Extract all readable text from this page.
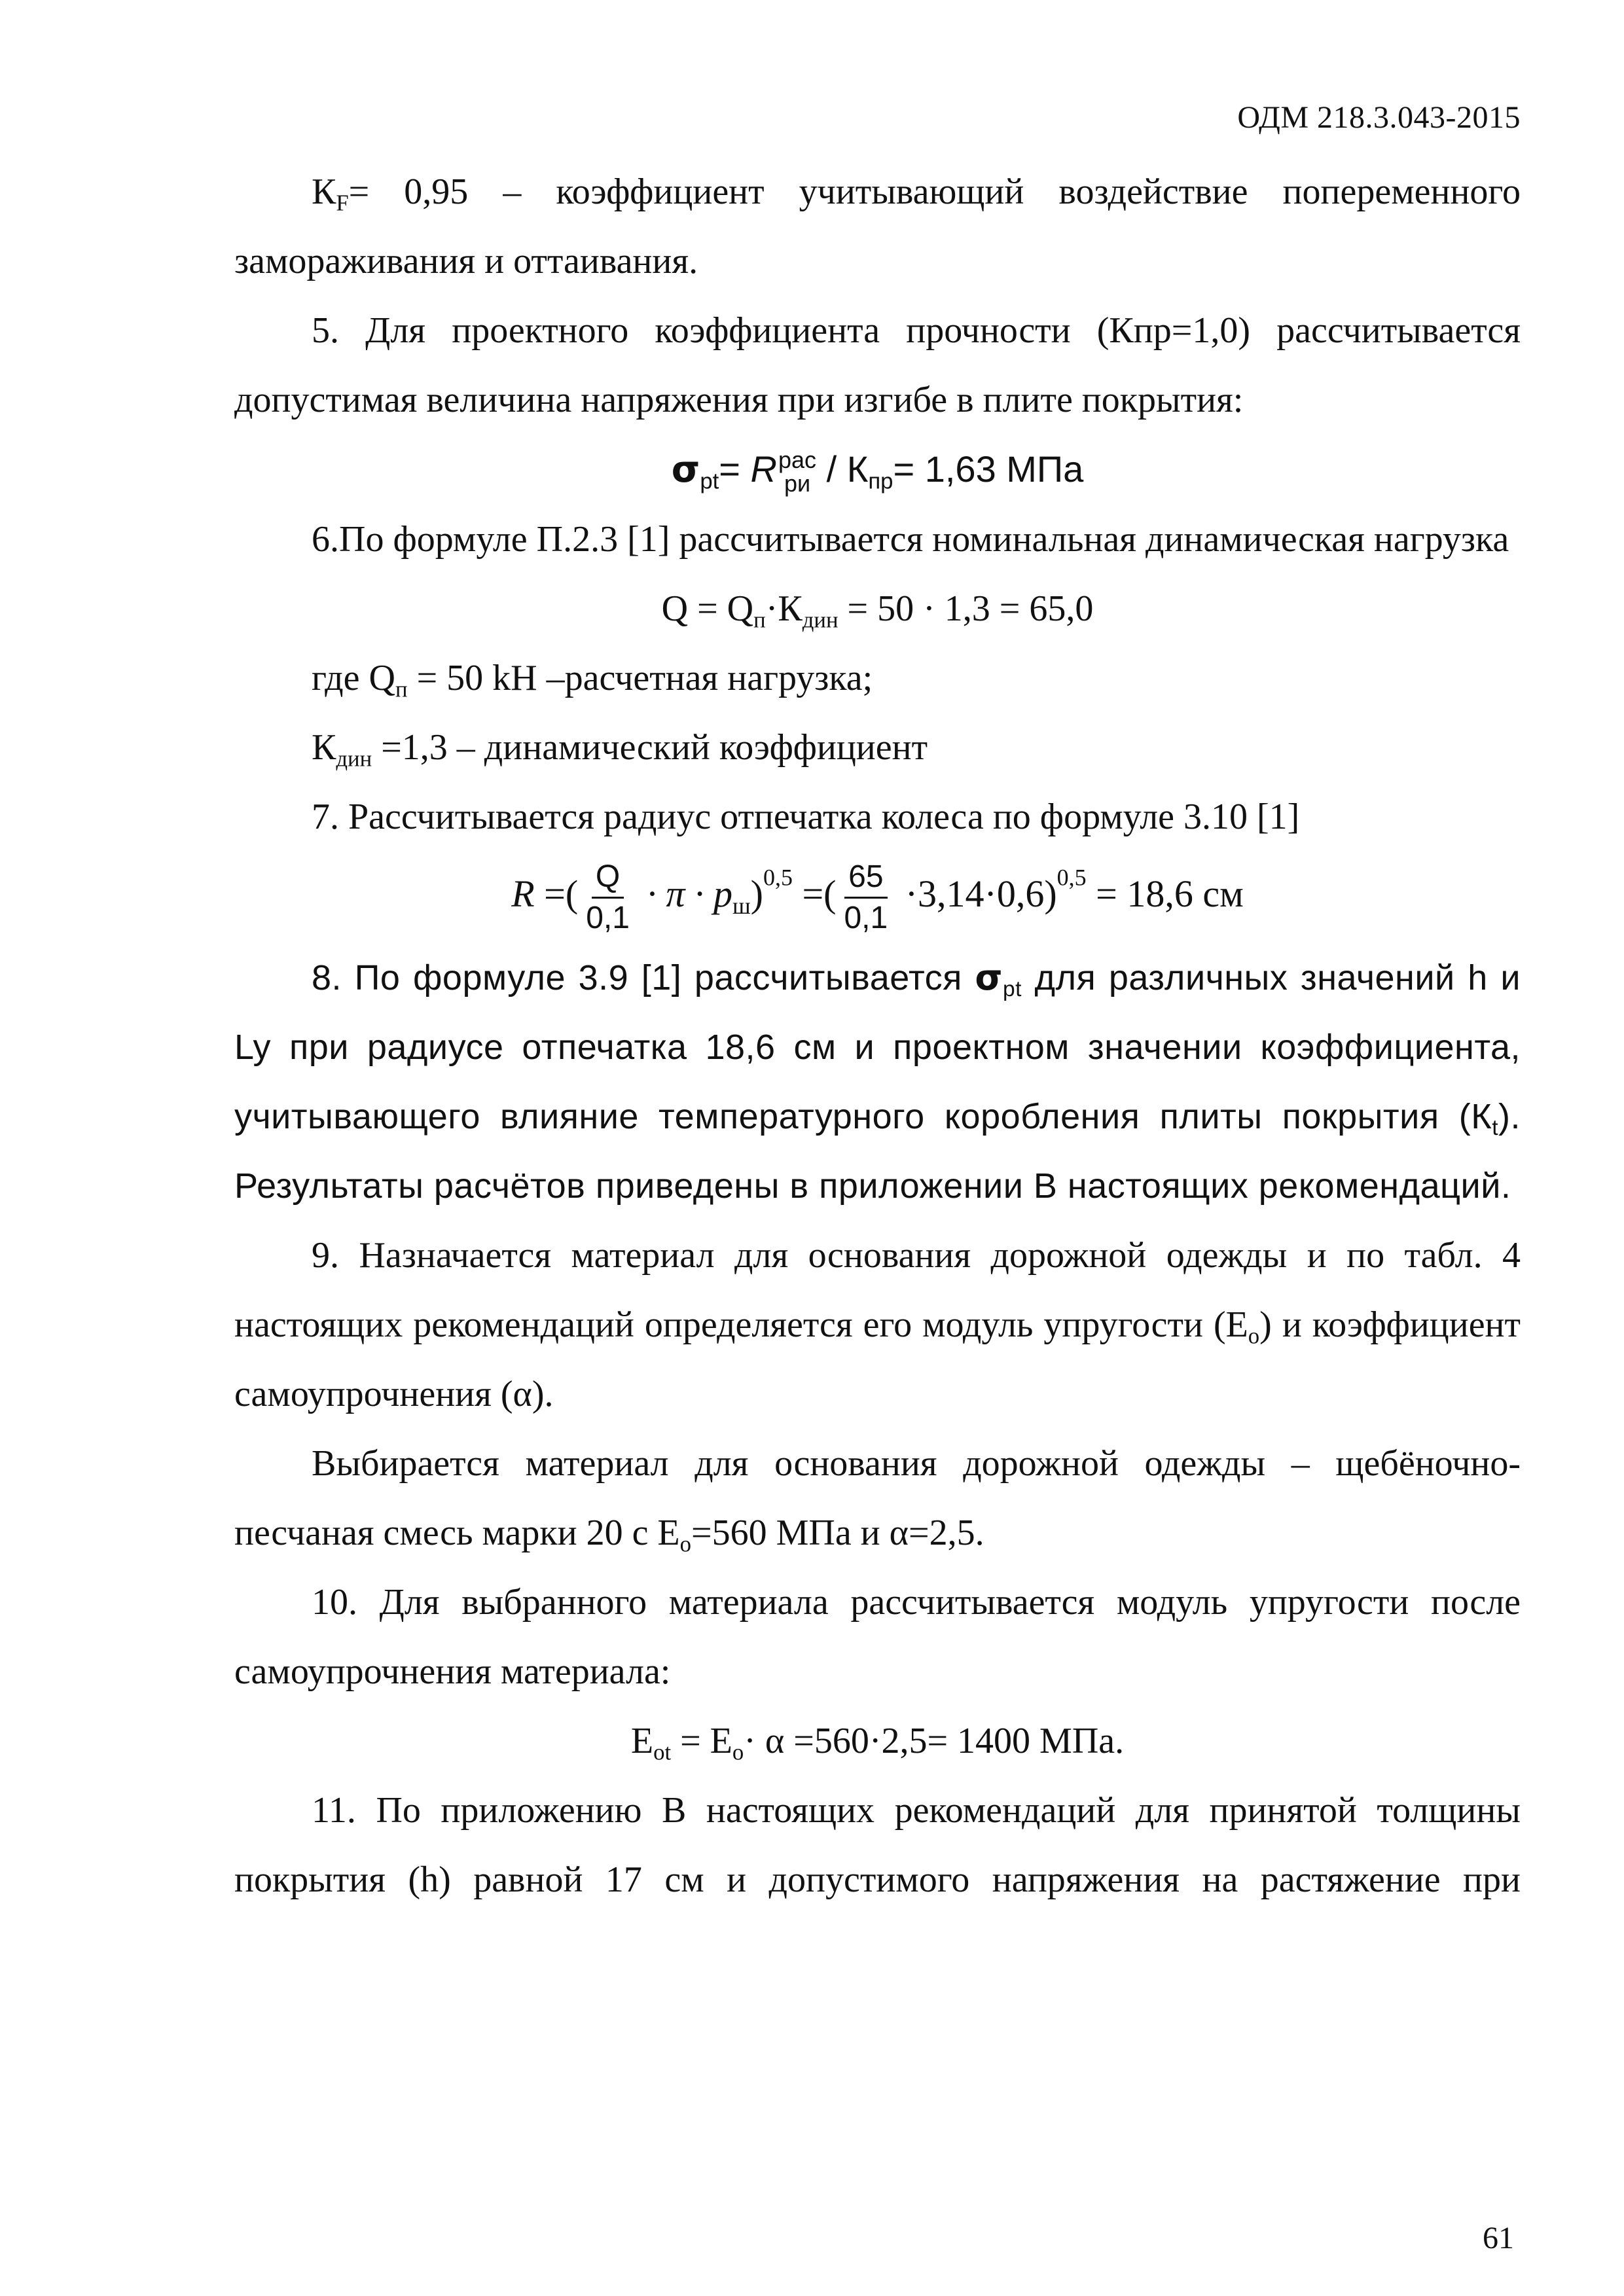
ОДМ 218.3.043-2015

$К_F= 0,95$ – коэффициент учитывающий воздействие попеременного замораживания и оттаивания.

5. Для проектного коэффициента прочности (Кпр=1,0) рассчитывается допустимая величина напряжения при изгибе в плите покрытия:

$\sigma_{pt}= R$ рас
ри / $К_{пр}= 1,63$ МПа

6.По формуле П.2.3 [1] рассчитывается номинальная динамическая нагрузка

$Q = Q_п\cdot К_{дин} = 50 \cdot 1,3 = 65,0$

где $Q_п = 50$ kН –расчетная нагрузка;

$К_{дин} =1,3$ – динамический коэффициент

7. Рассчитывается радиус отпечатка колеса по формуле 3.10 [1]

R =( $\frac{Q}{0,1} \cdot \pi \cdot p_ш)^{0,5}$ =( $\frac{65}{0,1} \cdot 3,14\cdot 0,6)^{0,5} = 18,6$ см

8. По формуле 3.9 [1] рассчитывается $\sigma_{pt}$ для различных значений h и Ly при радиусе отпечатка 18,6 см и проектном значении коэффициента, учитывающего влияние температурного коробления плиты покрытия $(К_t)$. Результаты расчётов приведены в приложении В настоящих рекомендаций.

9. Назначается материал для основания дорожной одежды и по табл. 4 настоящих рекомендаций определяется его модуль упругости $(Е_о)$ и коэффициент самоупрочнения (α).

Выбирается материал для основания дорожной одежды – щебёночно-песчаная смесь марки 20 с $Е_о=560$ МПа и α=2,5.

10. Для выбранного материала рассчитывается модуль упругости после самоупрочнения материала:

$Е_{ot} = Е_о\cdot \alpha =560\cdot 2,5= 1400$ МПа.

11. По приложению В настоящих рекомендаций для принятой толщины покрытия (h) равной 17 см и допустимого напряжения на растяжение при

61
